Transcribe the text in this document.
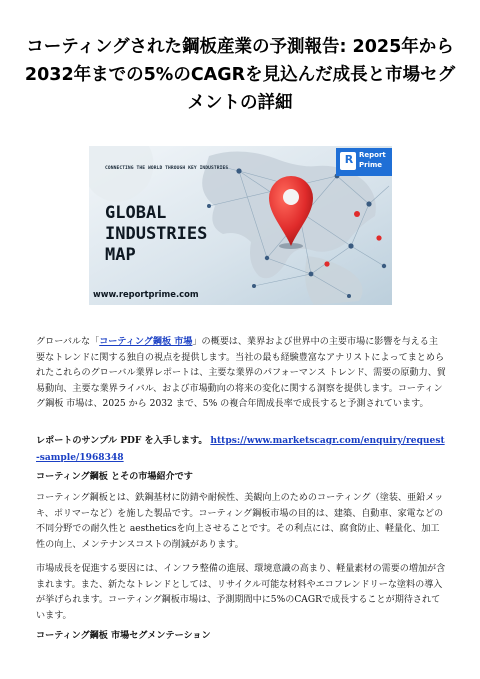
コーティングされた鋼板産業の予測報告: 2025年から2032年までの5%のCAGRを見込んだ成長と市場セグメントの詳細
R Report
Prime
CONNECTING THE WORLD THROUGH KEY INDUSTRIES
GLOBAL
INDUSTRIES
MAP
www.reportprime.com
グローバルな「コーティング鋼板 市場」の概要は、業界および世界中の主要市場に影響を与える主要なトレンドに関する独自の視点を提供します。当社の最も経験豊富なアナリストによってまとめられたこれらのグローバル業界レポートは、主要な業界のパフォーマンス トレンド、需要の原動力、貿易動向、主要な業界ライバル、および市場動向の将来の変化に関する洞察を提供します。コーティング鋼板 市場は、2025 から 2032 まで、5% の複合年間成長率で成長すると予測されています。
レポートのサンプル PDF を入手します。 https://www.marketscagr.com/enquiry/request-sample/1968348
コーティング鋼板 とその市場紹介です
コーティング鋼板とは、鉄鋼基材に防錆や耐候性、美観向上のためのコーティング（塗装、亜鉛メッキ、ポリマーなど）を施した製品です。コーティング鋼板市場の目的は、建築、自動車、家電などの不同分野での耐久性と aestheticsを向上させることです。その利点には、腐食防止、軽量化、加工性の向上、メンテナンスコストの削減があります。
市場成長を促進する要因には、インフラ整備の進展、環境意識の高まり、軽量素材の需要の増加が含まれます。また、新たなトレンドとしては、リサイクル可能な材料やエコフレンドリーな塗料の導入が挙げられます。コーティング鋼板市場は、予測期間中に5%のCAGRで成長することが期待されています。
コーティング鋼板 市場セグメンテーション
